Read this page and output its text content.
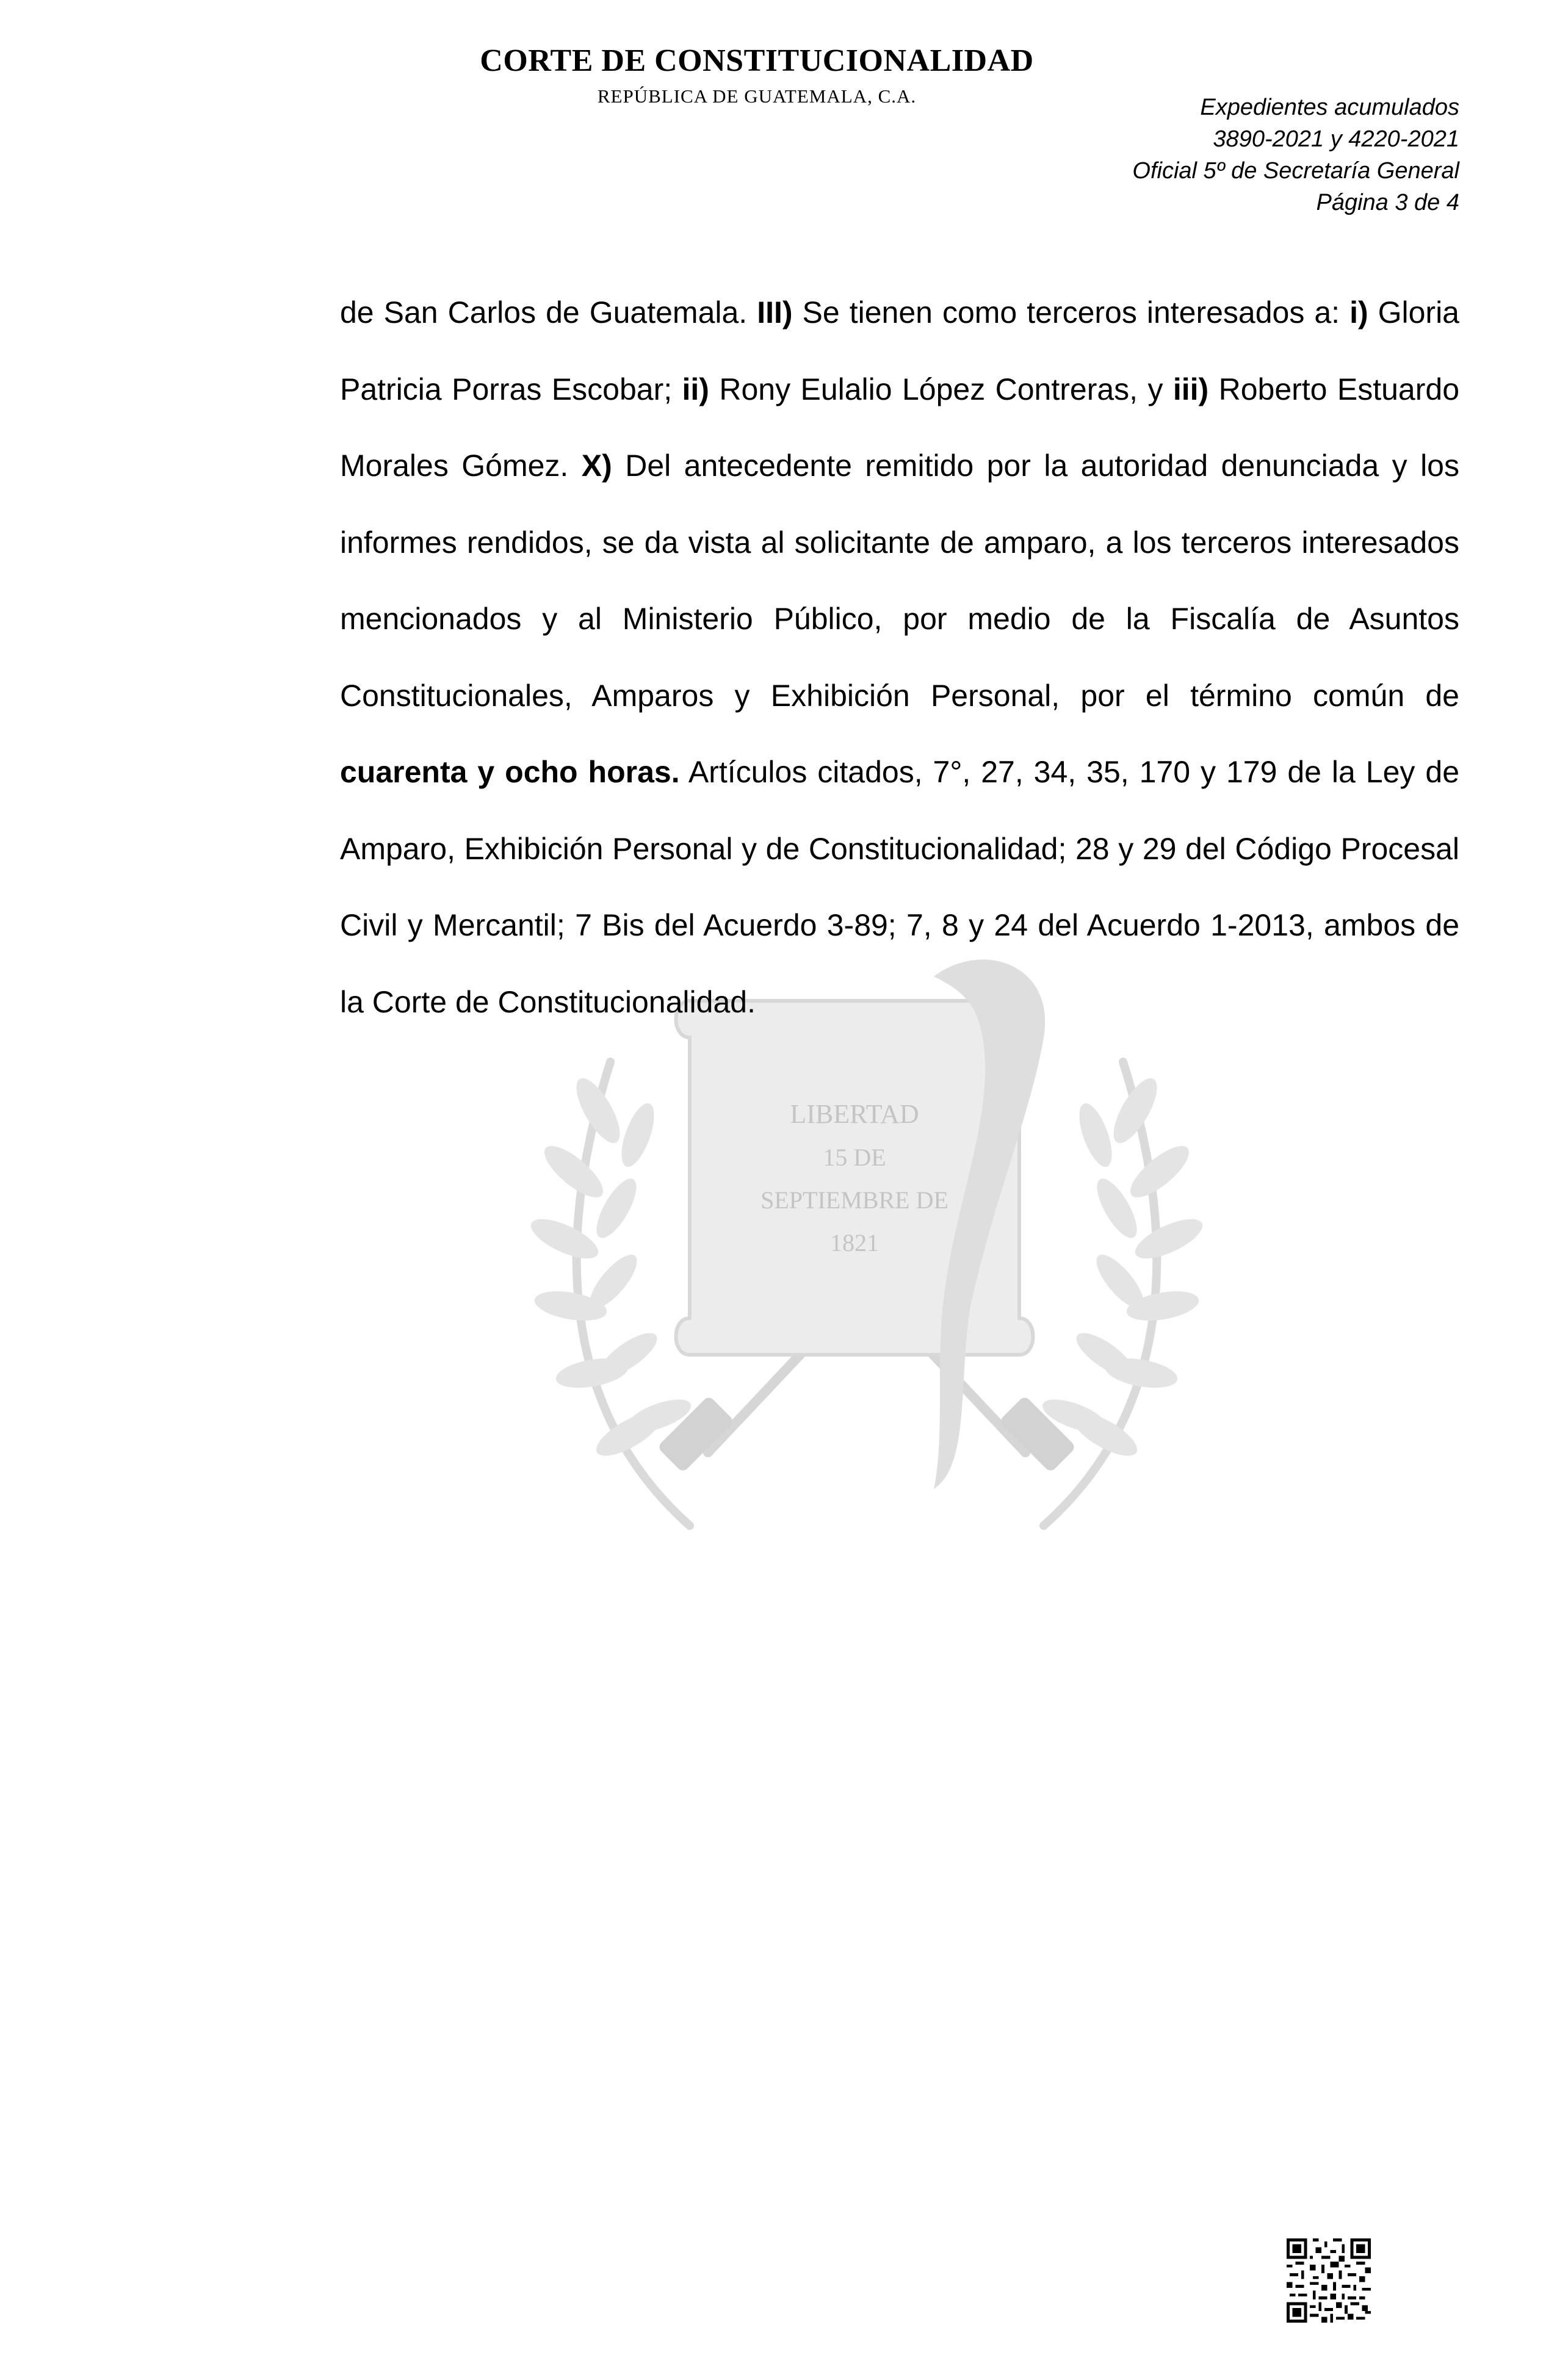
CORTE DE CONSTITUCIONALIDAD
REPÚBLICA DE GUATEMALA, C.A.	Expedientes acumulados
3890-2021 y 4220-2021
Oficial 5º de Secretaría General
Página 3 de 4
LIBERTAD
15 DE
SEPTIEMBRE DE
1821

de San Carlos de Guatemala. III) Se tienen como terceros interesados a: i) Gloria Patricia Porras Escobar; ii) Rony Eulalio López Contreras, y iii) Roberto Estuardo Morales Gómez. X) Del antecedente remitido por la autoridad denunciada y los informes rendidos, se da vista al solicitante de amparo, a los terceros interesados mencionados y al Ministerio Público, por medio de la Fiscalía de Asuntos Constitucionales, Amparos y Exhibición Personal, por el término común de cuarenta y ocho horas. Artículos citados, 7°, 27, 34, 35, 170 y 179 de la Ley de Amparo, Exhibición Personal y de Constitucionalidad; 28 y 29 del Código Procesal Civil y Mercantil; 7 Bis del Acuerdo 3-89; 7, 8 y 24 del Acuerdo 1-2013, ambos de la Corte de Constitucionalidad.
